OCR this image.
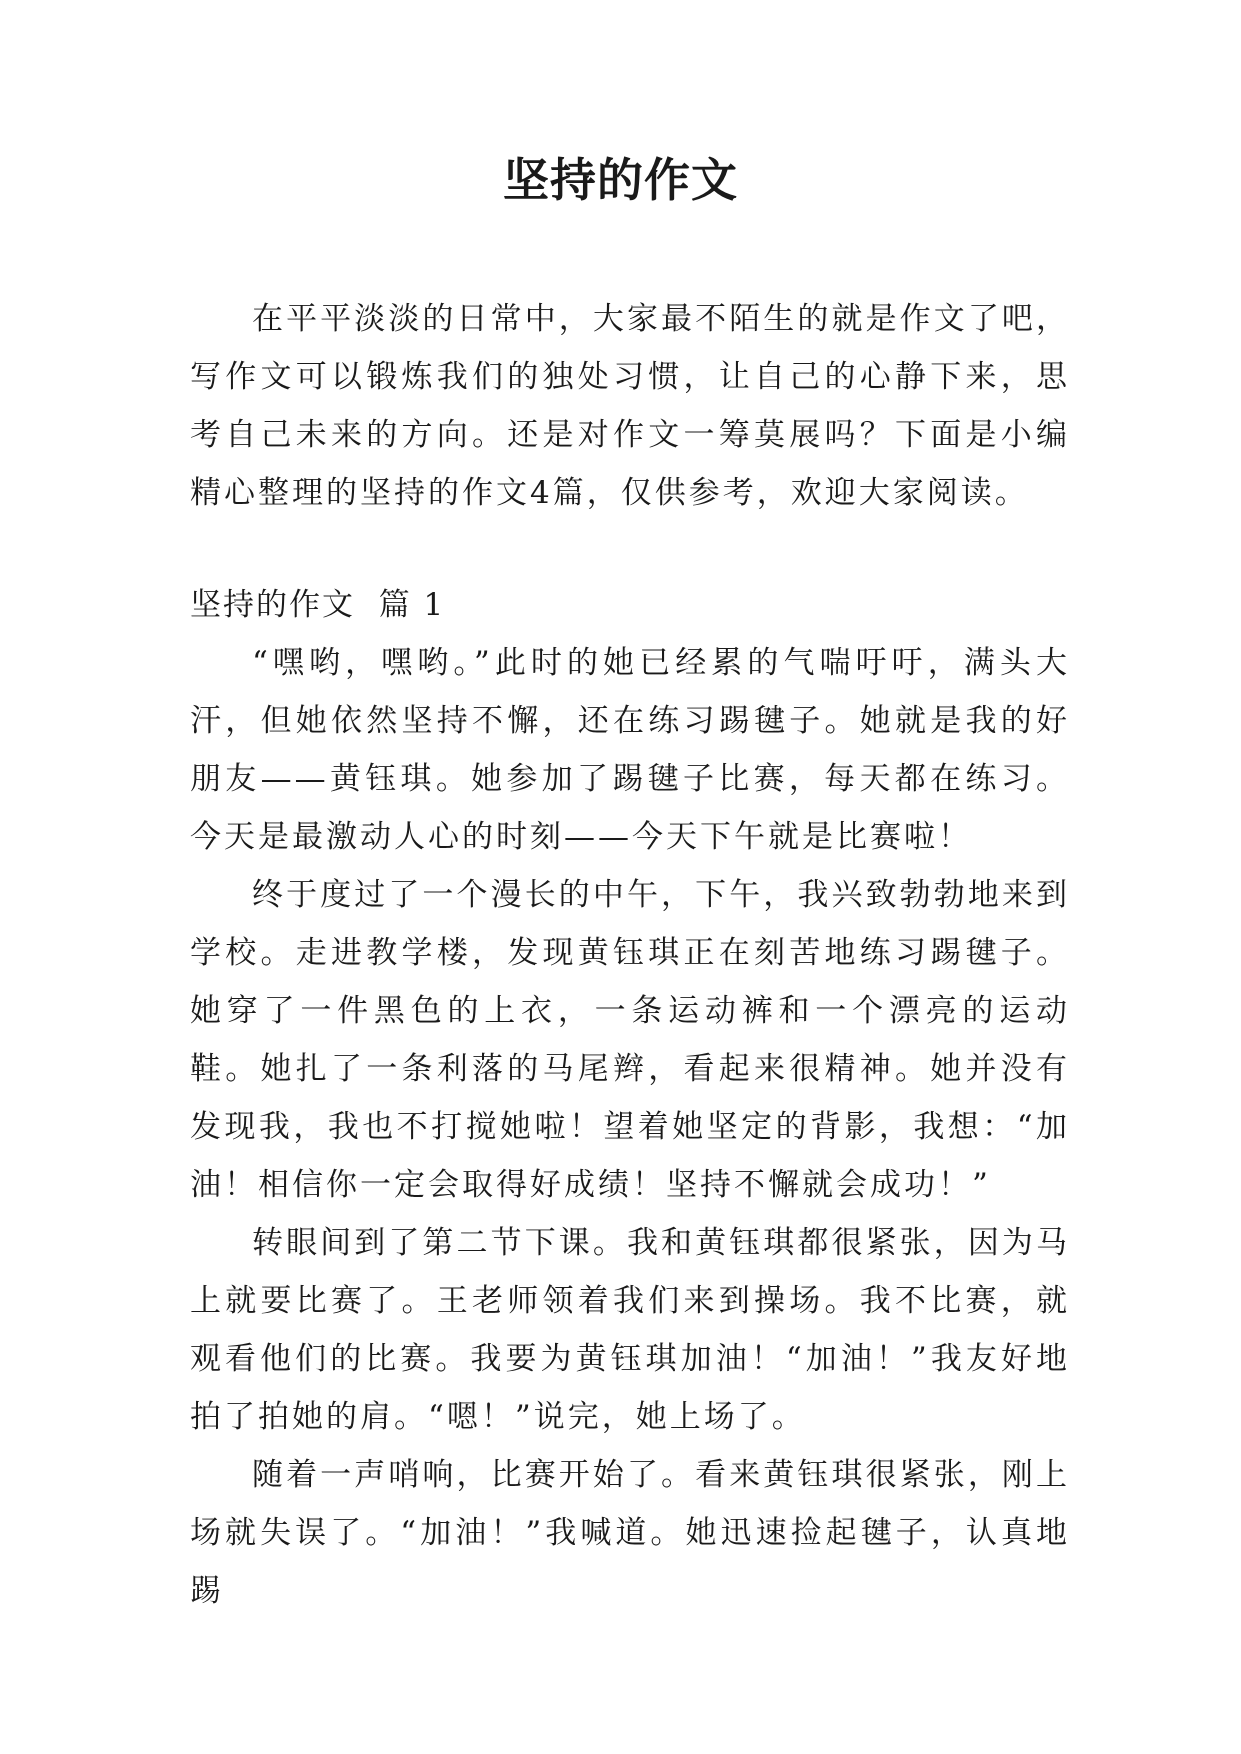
坚持的作文

在平平淡淡的日常中，大家最不陌生的就是作文了吧，写作文可以锻炼我们的独处习惯，让自己的心静下来，思考自己未来的方向。还是对作文一筹莫展吗？下面是小编精心整理的坚持的作文4篇，仅供参考，欢迎大家阅读。

坚持的作文  篇 1

“嘿哟，嘿哟。”此时的她已经累的气喘吁吁，满头大汗，但她依然坚持不懈，还在练习踢毽子。她就是我的好朋友——黄钰琪。她参加了踢毽子比赛，每天都在练习。今天是最激动人心的时刻——今天下午就是比赛啦！

终于度过了一个漫长的中午，下午，我兴致勃勃地来到学校。走进教学楼，发现黄钰琪正在刻苦地练习踢毽子。她穿了一件黑色的上衣，一条运动裤和一个漂亮的运动鞋。她扎了一条利落的马尾辫，看起来很精神。她并没有发现我，我也不打搅她啦！望着她坚定的背影，我想：“加油！相信你一定会取得好成绩！坚持不懈就会成功！”

转眼间到了第二节下课。我和黄钰琪都很紧张，因为马上就要比赛了。王老师领着我们来到操场。我不比赛，就观看他们的比赛。我要为黄钰琪加油！“加油！”我友好地拍了拍她的肩。“嗯！”说完，她上场了。

随着一声哨响，比赛开始了。看来黄钰琪很紧张，刚上场就失误了。“加油！”我喊道。她迅速捡起毽子，认真地踢
